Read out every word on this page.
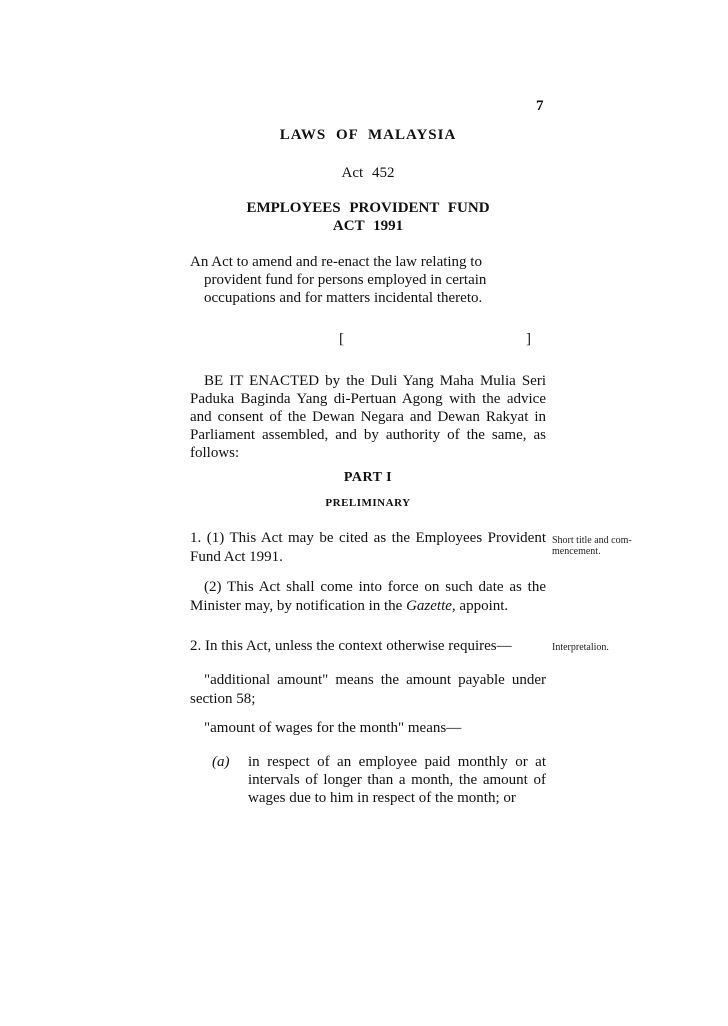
7
LAWS OF MALAYSIA
Act 452
EMPLOYEES PROVIDENT FUND
ACT 1991
An Act to amend and re-enact the law relating to
provident fund for persons employed in certain
occupations and for matters incidental thereto.
[	]
BE IT ENACTED by the Duli Yang Maha Mulia Seri Paduka Baginda Yang di-Pertuan Agong with the advice and consent of the Dewan Negara and Dewan Rakyat in Parliament assembled, and by authority of the same, as follows:
PART I
PRELIMINARY
1. (1) This Act may be cited as the Employees Provident Fund Act 1991.
Short title and com- mencement.
(2) This Act shall come into force on such date as the Minister may, by notification in the Gazette, appoint.
2. In this Act, unless the context otherwise requires—	Interpretalion.
"additional amount" means the amount payable under section 58;
"amount of wages for the month" means—
(a)	in respect of an employee paid monthly or at intervals of longer than a month, the amount of wages due to him in respect of the month; or
